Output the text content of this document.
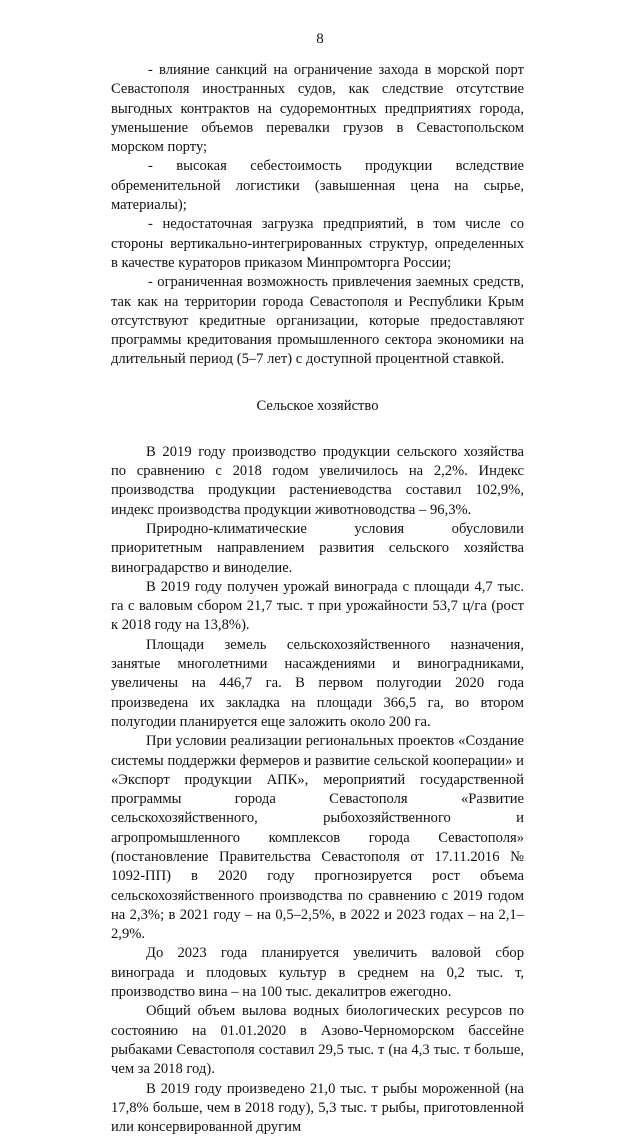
8

- влияние санкций на ограничение захода в морской порт Севастополя иностранных судов, как следствие отсутствие выгодных контрактов на судоремонтных предприятиях города, уменьшение объемов перевалки грузов в Севастопольском морском порту;

- высокая себестоимость продукции вследствие обременительной логистики (завышенная цена на сырье, материалы);

- недостаточная загрузка предприятий, в том числе со стороны вертикально-интегрированных структур, определенных в качестве кураторов приказом Минпромторга России;

- ограниченная возможность привлечения заемных средств, так как на территории города Севастополя и Республики Крым отсутствуют кредитные организации, которые предоставляют программы кредитования промышленного сектора экономики на длительный период (5–7 лет) с доступной процентной ставкой.

Сельское хозяйство

В 2019 году производство продукции сельского хозяйства по сравнению с 2018 годом увеличилось на 2,2%. Индекс производства продукции растениеводства составил 102,9%, индекс производства продукции животноводства – 96,3%.

Природно-климатические условия обусловили приоритетным направлением развития сельского хозяйства виноградарство и виноделие.

В 2019 году получен урожай винограда с площади 4,7 тыс. га с валовым сбором 21,7 тыс. т при урожайности 53,7 ц/га (рост к 2018 году на 13,8%).

Площади земель сельскохозяйственного назначения, занятые многолетними насаждениями и виноградниками, увеличены на 446,7 га. В первом полугодии 2020 года произведена их закладка на площади 366,5 га, во втором полугодии планируется еще заложить около 200 га.

При условии реализации региональных проектов «Создание системы поддержки фермеров и развитие сельской кооперации» и «Экспорт продукции АПК», мероприятий государственной программы города Севастополя «Развитие сельскохозяйственного, рыбохозяйственного и агропромышленного комплексов города Севастополя» (постановление Правительства Севастополя от 17.11.2016 № 1092-ПП) в 2020 году прогнозируется рост объема сельскохозяйственного производства по сравнению с 2019 годом на 2,3%; в 2021 году – на 0,5–2,5%, в 2022 и 2023 годах – на 2,1–2,9%.

До 2023 года планируется увеличить валовой сбор винограда и плодовых культур в среднем на 0,2 тыс. т, производство вина – на 100 тыс. декалитров ежегодно.

Общий объем вылова водных биологических ресурсов по состоянию на 01.01.2020 в Азово-Черноморском бассейне рыбаками Севастополя составил 29,5 тыс. т (на 4,3 тыс. т больше, чем за 2018 год).

В 2019 году произведено 21,0 тыс. т рыбы мороженной (на 17,8% больше, чем в 2018 году), 5,3 тыс. т рыбы, приготовленной или консервированной другим
